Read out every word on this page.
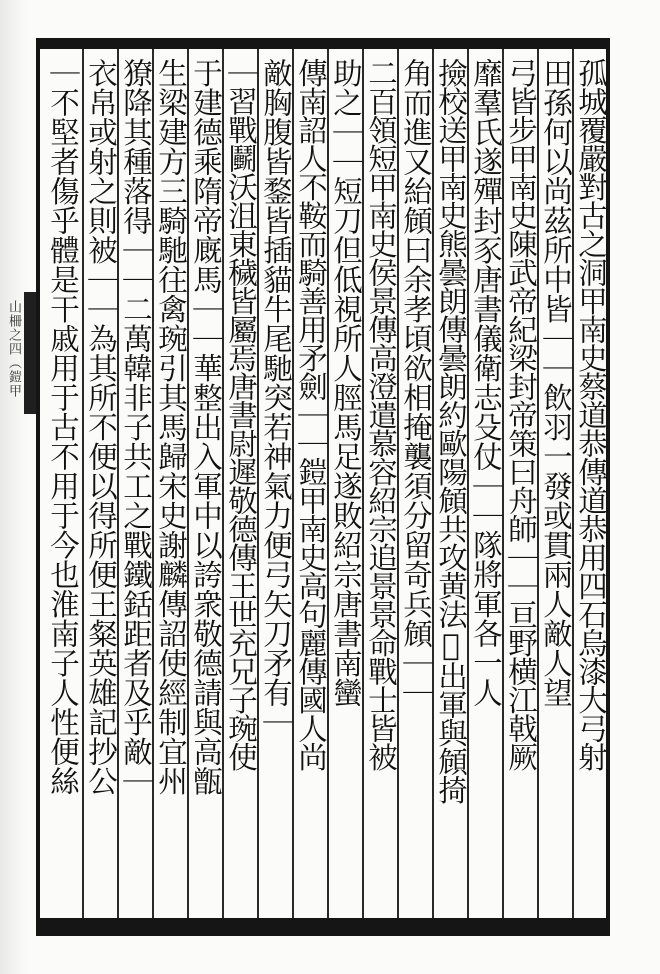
山柵之四（鎧甲	孤城覆嚴對古之洞甲南史蔡道恭傳道恭用四石烏漆大弓射
田孫何以尚茲所中皆｜｜飲羽一發或貫兩人敵人望
弓皆步甲南史陳武帝紀梁封帝策曰舟師｜｜亘野横江戟厥
靡羣氏遂殫封豕唐書儀衛志殳仗｜｜隊將軍各一人
撿校送甲南史熊曇朗傳曇朗約歐陽頠共攻黄法𣰰出軍與頠掎
角而進又紿頠曰余孝頃欲相掩襲須分留奇兵頠｜｜
二百領短甲南史侯景傳高澄遣慕容紹宗追景景命戰士皆被
助之｜｜短刀但低視所人脛馬足遂敗紹宗唐書南蠻
傳南詔人不鞍而騎善用矛劍｜｜鎧甲南史高句麗傳國人尚
敵胸腹皆鍪皆插貓牛尾馳突若神氣力便弓矢刀矛有｜
｜習戰鬬沃沮東穢皆屬焉唐書尉遲敬德傳王世充兄子琬使
于建德乘隋帝廐馬｜｜華整出入軍中以誇衆敬德請與高甑
生梁建方三騎馳往禽琬引其馬歸宋史謝麟傳詔使經制宜州
獠降其種落得｜｜二萬韓非子共工之戰鐵銛距者及乎敵｜
衣帛或射之則被｜｜為其所不便以得所便王粲英雄記抄公
｜不堅者傷乎體是干戚用于古不用于今也淮南子人性便絲
